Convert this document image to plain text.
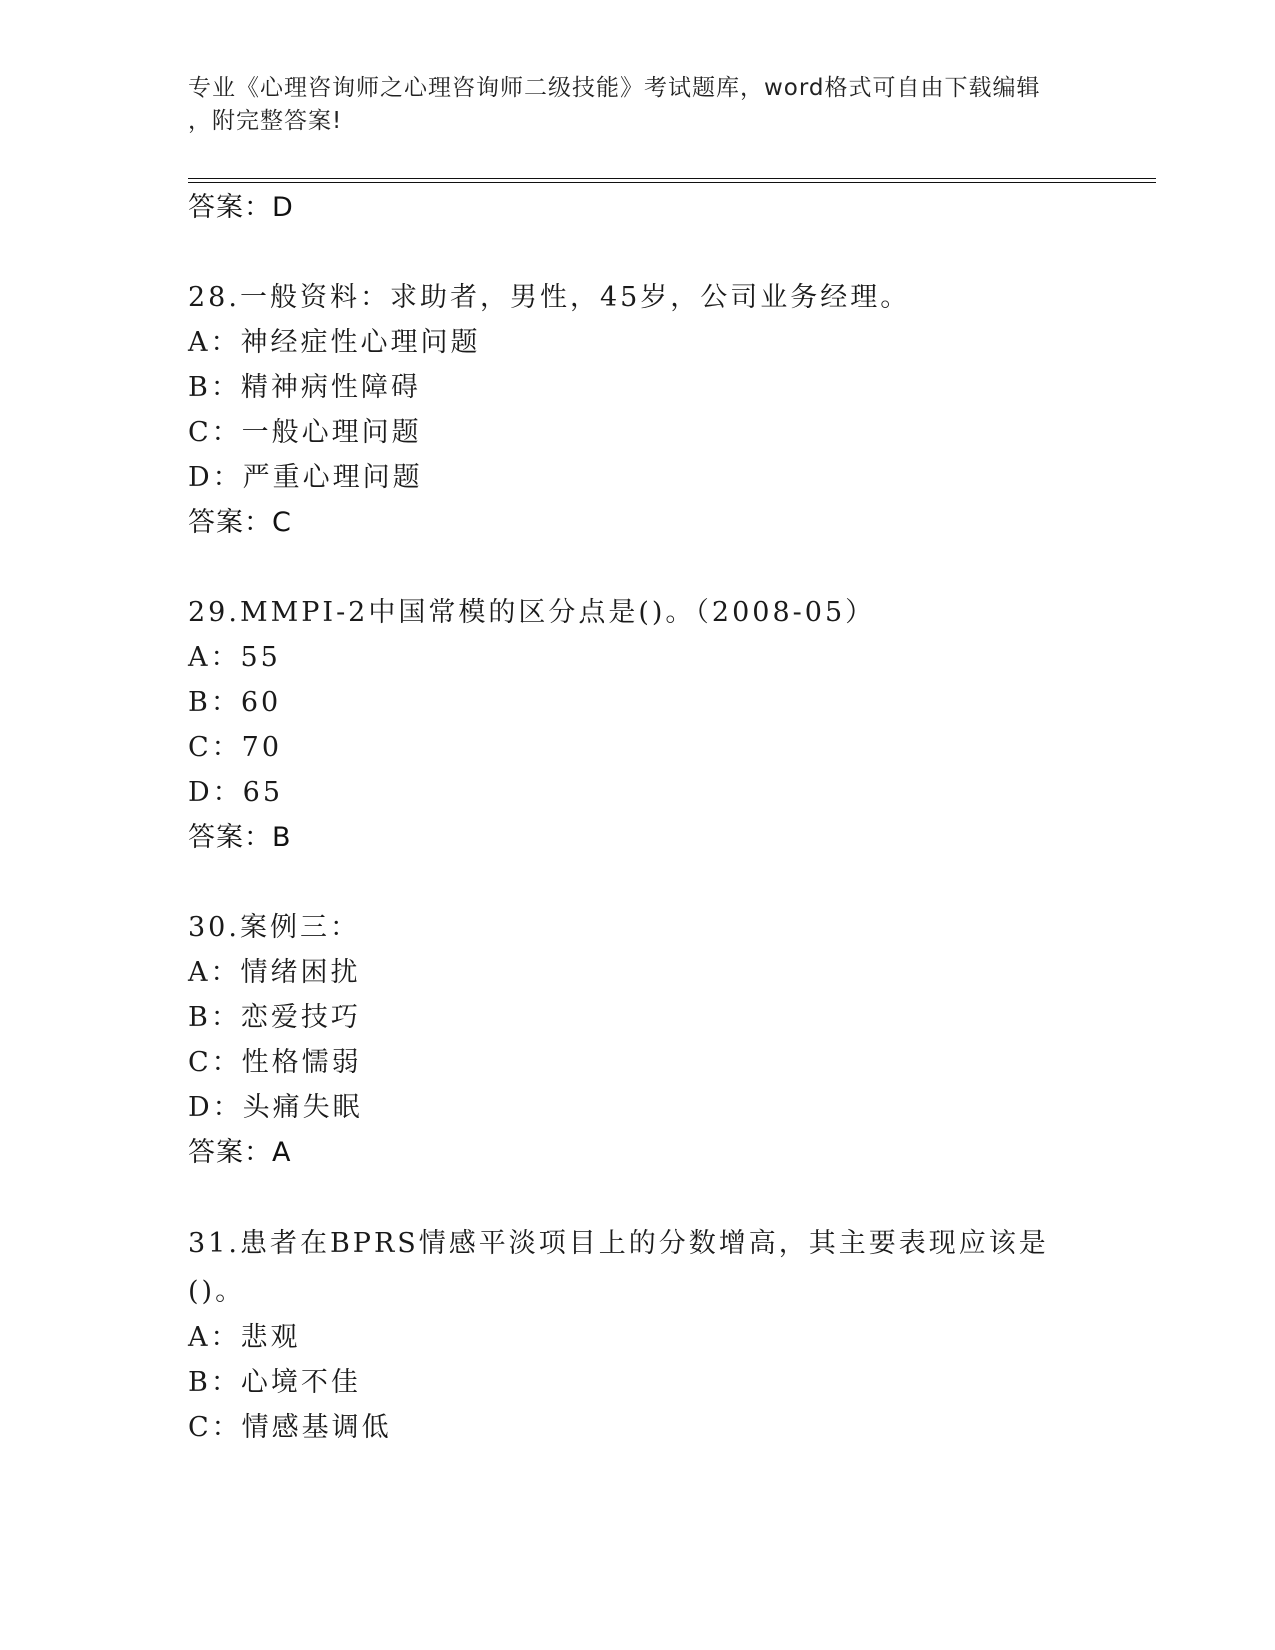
专业《心理咨询师之心理咨询师二级技能》考试题库，word格式可自由下载编辑
，附完整答案!
答案：D
28.一般资料：求助者，男性，45岁，公司业务经理。
A：神经症性心理问题
B：精神病性障碍
C：一般心理问题
D：严重心理问题
答案：C
29.MMPI-2中国常模的区分点是()。（2008-05）
A：55
B：60
C：70
D：65
答案：B
30.案例三：
A：情绪困扰
B：恋爱技巧
C：性格懦弱
D：头痛失眠
答案：A
31.患者在BPRS情感平淡项目上的分数增高，其主要表现应该是()。
A：悲观
B：心境不佳
C：情感基调低
